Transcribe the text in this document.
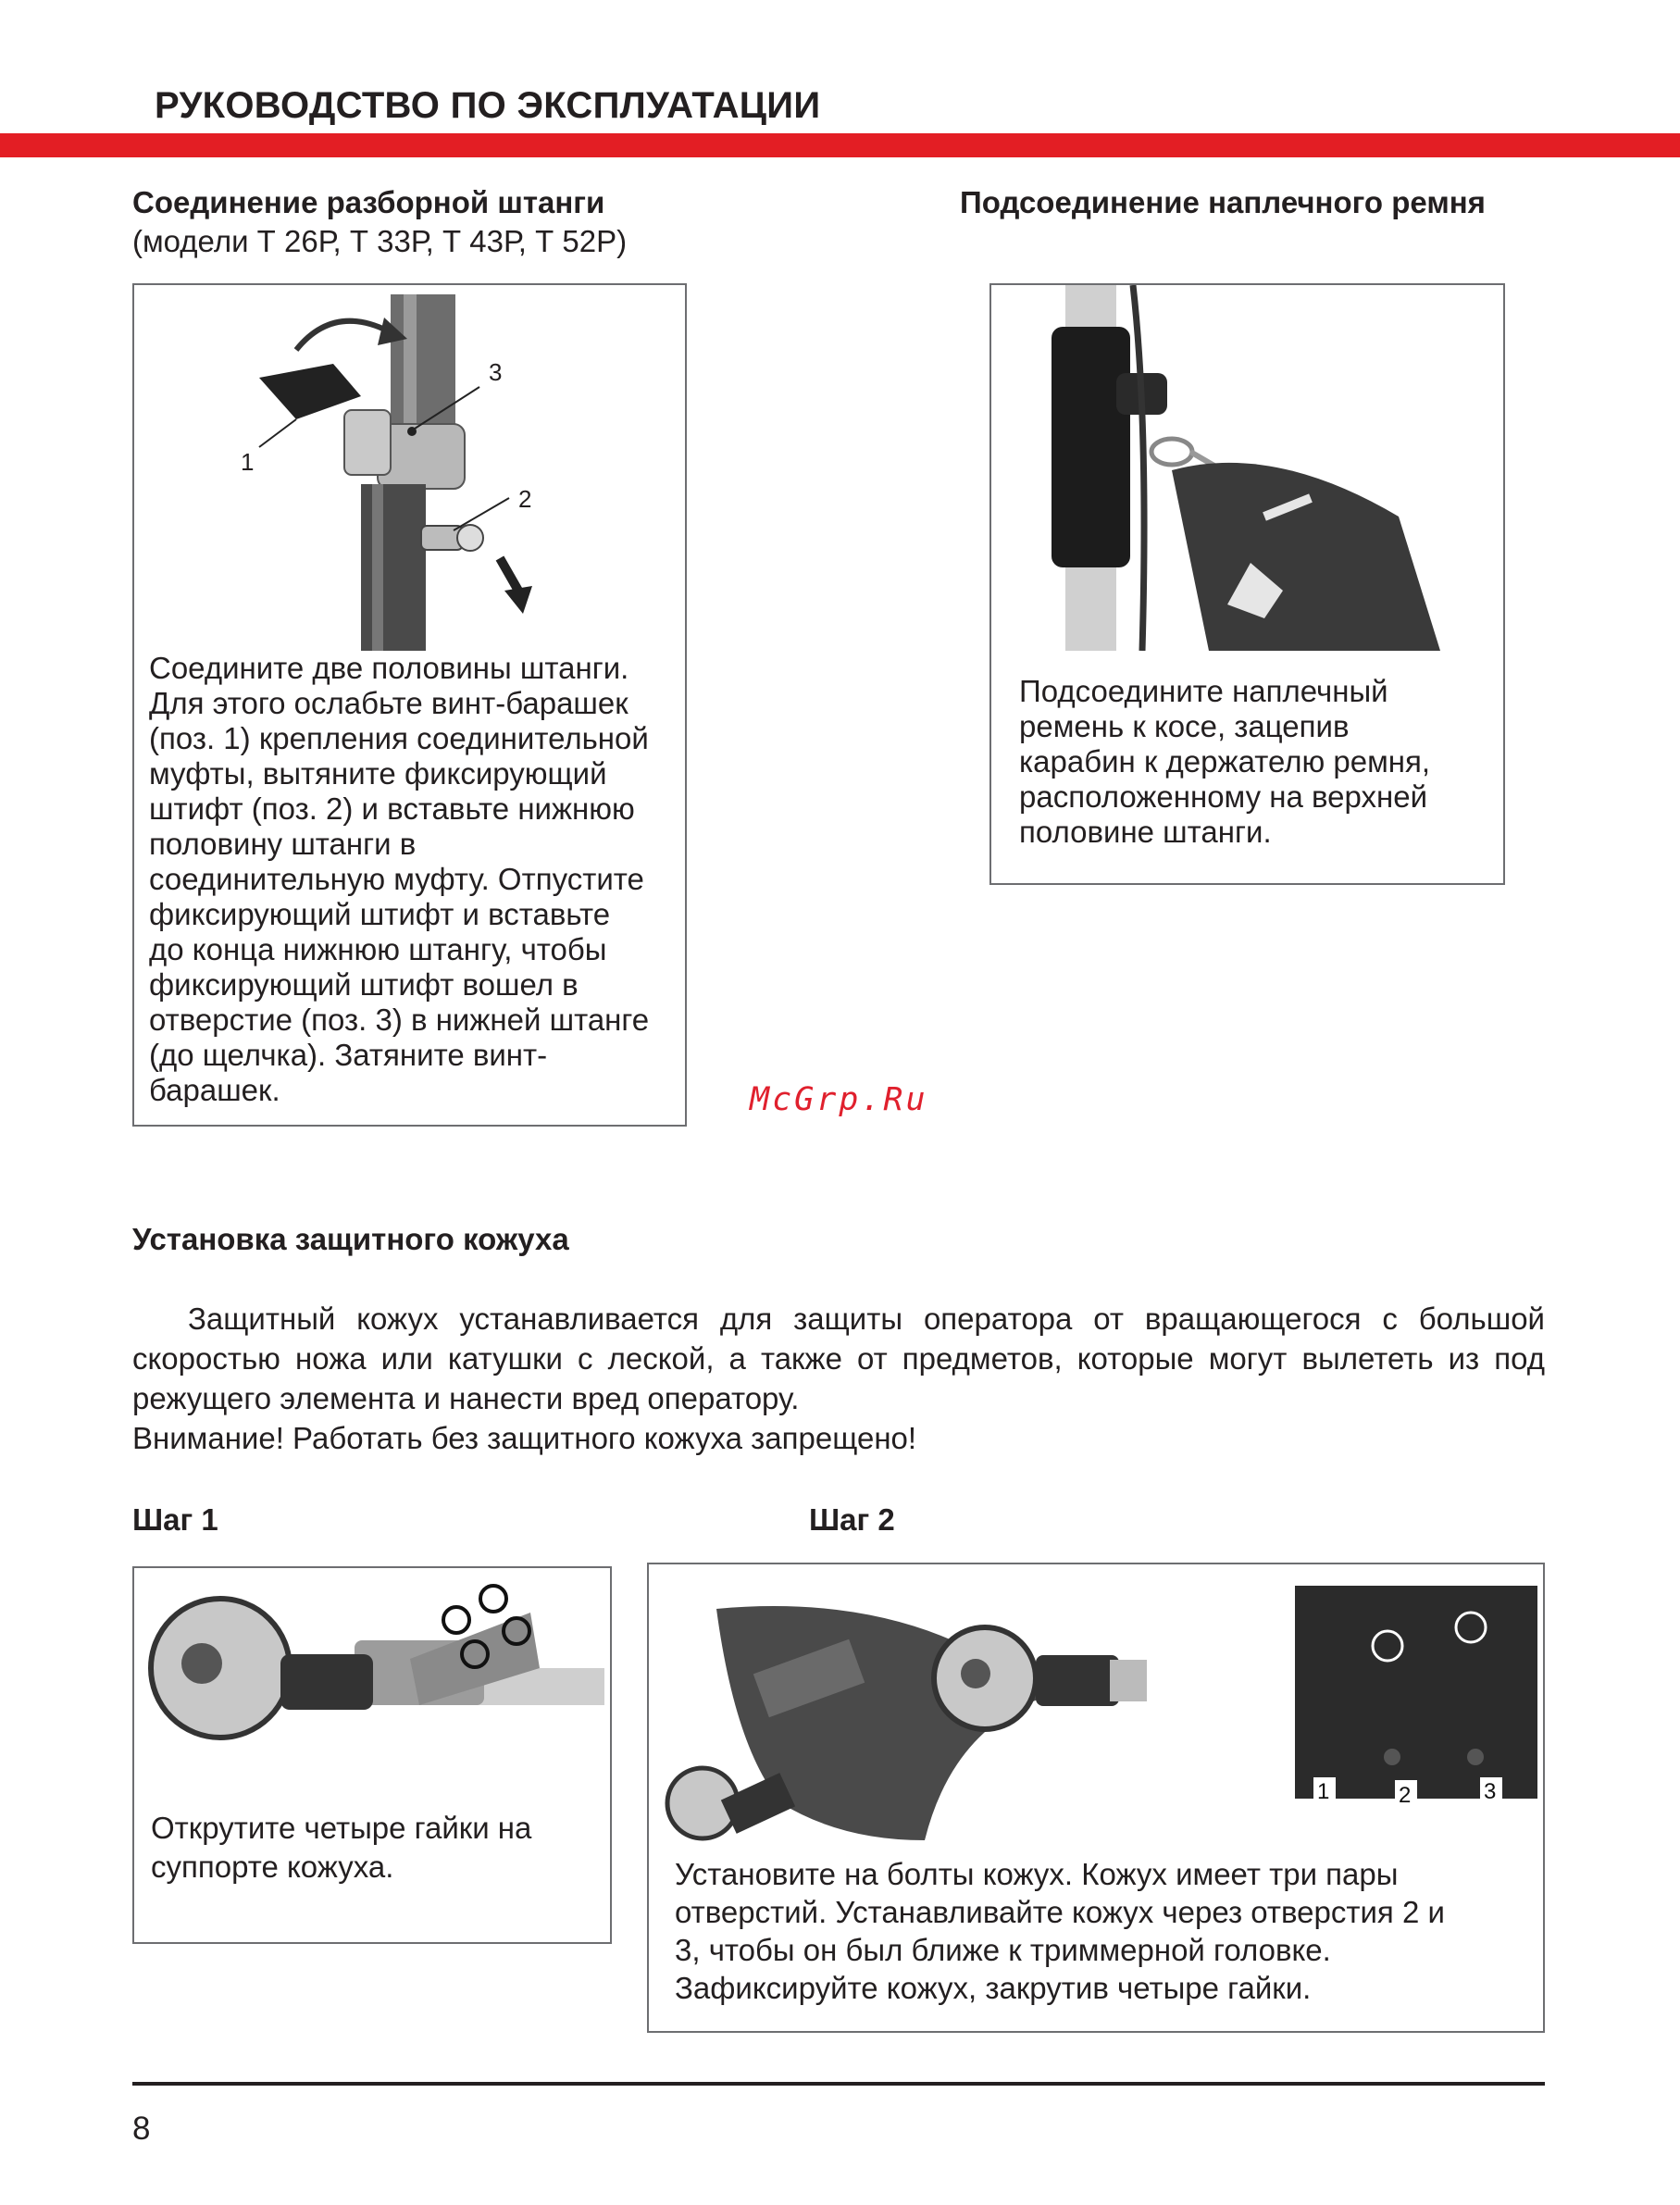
РУКОВОДСТВО ПО ЭКСПЛУАТАЦИИ
Соединение разборной штанги
(модели Т 26Р, Т 33Р, Т 43Р, Т 52Р)
1
2
3
Соедините две половины штанги.
Для этого ослабьте винт-барашек
(поз. 1) крепления соединительной
муфты, вытяните фиксирующий
штифт (поз. 2) и вставьте нижнюю
половину штанги в
соединительную муфту. Отпустите
фиксирующий штифт и вставьте
до конца нижнюю штангу, чтобы
фиксирующий штифт вошел в
отверстие (поз. 3) в нижней штанге
(до щелчка). Затяните винт-
барашек.
Подсоединение наплечного ремня
Подсоедините наплечный
ремень к косе, зацепив
карабин к держателю ремня,
расположенному на верхней
половине штанги.
McGrp.Ru
Установка защитного кожуха
Защитный кожух устанавливается для защиты оператора от вращающегося с большой скоростью ножа или катушки с леской, а также от предметов, которые могут вылететь из под режущего элемента и нанести вред оператору.
Внимание! Работать без защитного кожуха запрещено!
Шаг 1	Шаг 2
Открутите четыре гайки на
суппорте кожуха.
1	2	3
Установите на болты кожух. Кожух имеет три пары
отверстий. Устанавливайте кожух через отверстия 2 и
3, чтобы он был ближе к триммерной головке.
Зафиксируйте кожух, закрутив четыре гайки.
8
